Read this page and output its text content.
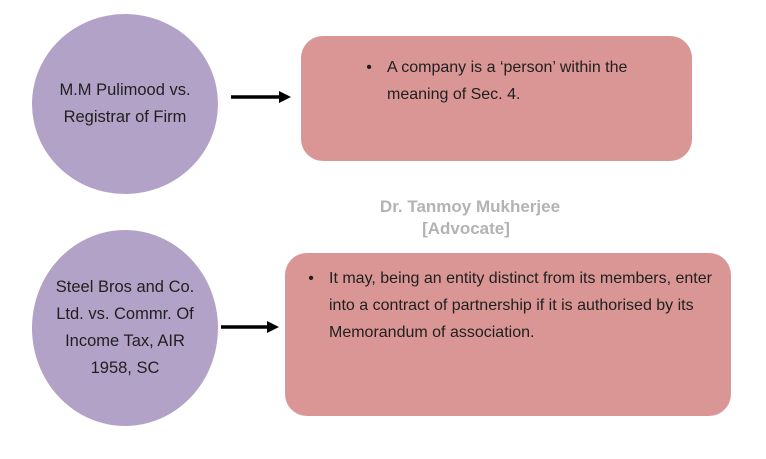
M.M Pulimood vs. Registrar of Firm
• A company is a ‘person’ within the meaning of Sec. 4.
Dr. Tanmoy Mukherjee
[Advocate]
Steel Bros and Co. Ltd. vs. Commr. Of Income Tax, AIR 1958, SC
• It may, being an entity distinct from its members, enter into a contract of partnership if it is authorised by its Memorandum of association.
